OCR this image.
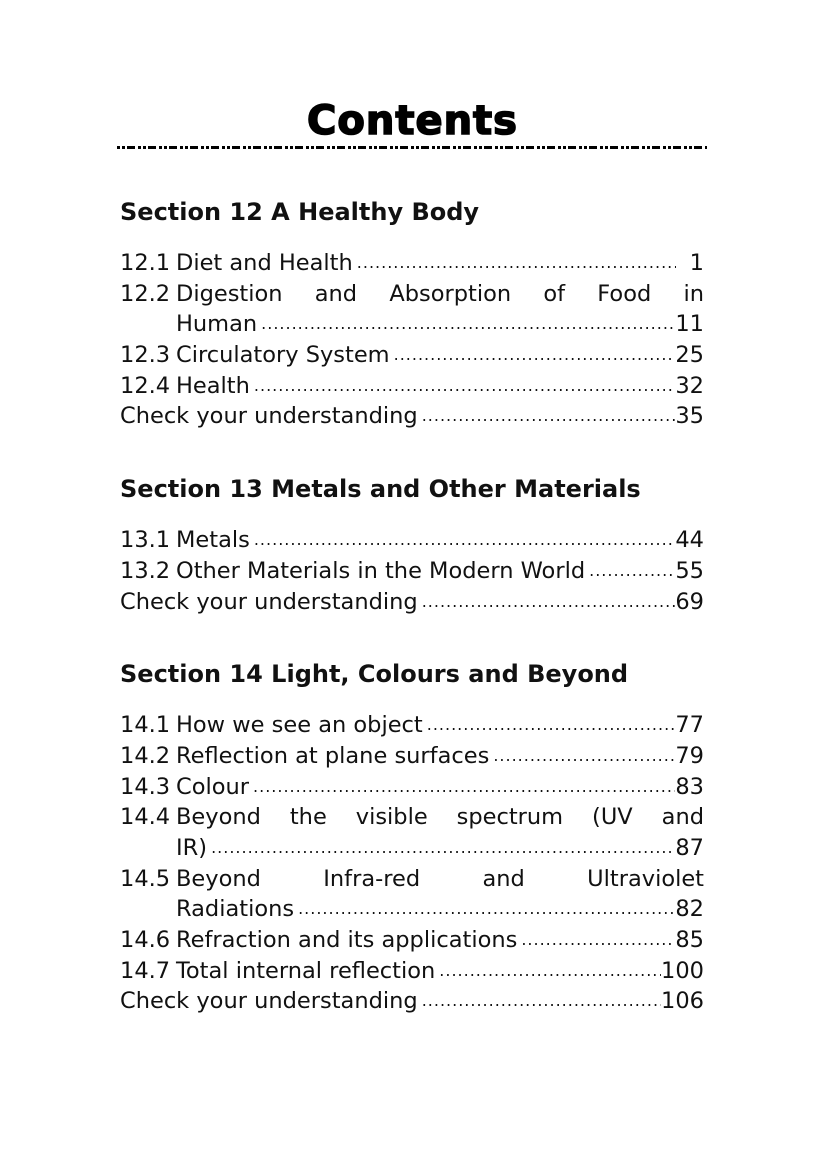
Contents
Section 12 A Healthy Body
12.1 Diet and Health .....	1
12.2 Digestion and Absorption of Food in
Human .....	11
12.3 Circulatory System .....	25
12.4 Health .....	32
Check your understanding .....	35
Section 13 Metals and Other Materials
13.1 Metals .....	44
13.2 Other Materials in the Modern World .....	55
Check your understanding .....	69
Section 14 Light, Colours and Beyond
14.1 How we see an object .....	77
14.2 Reflection at plane surfaces .....	79
14.3 Colour .....	83
14.4 Beyond the visible spectrum (UV and
IR) .....	87
14.5 Beyond Infra-red and Ultraviolet
Radiations .....	82
14.6 Refraction and its applications .....	85
14.7 Total internal reflection .....	100
Check your understanding .....	106
